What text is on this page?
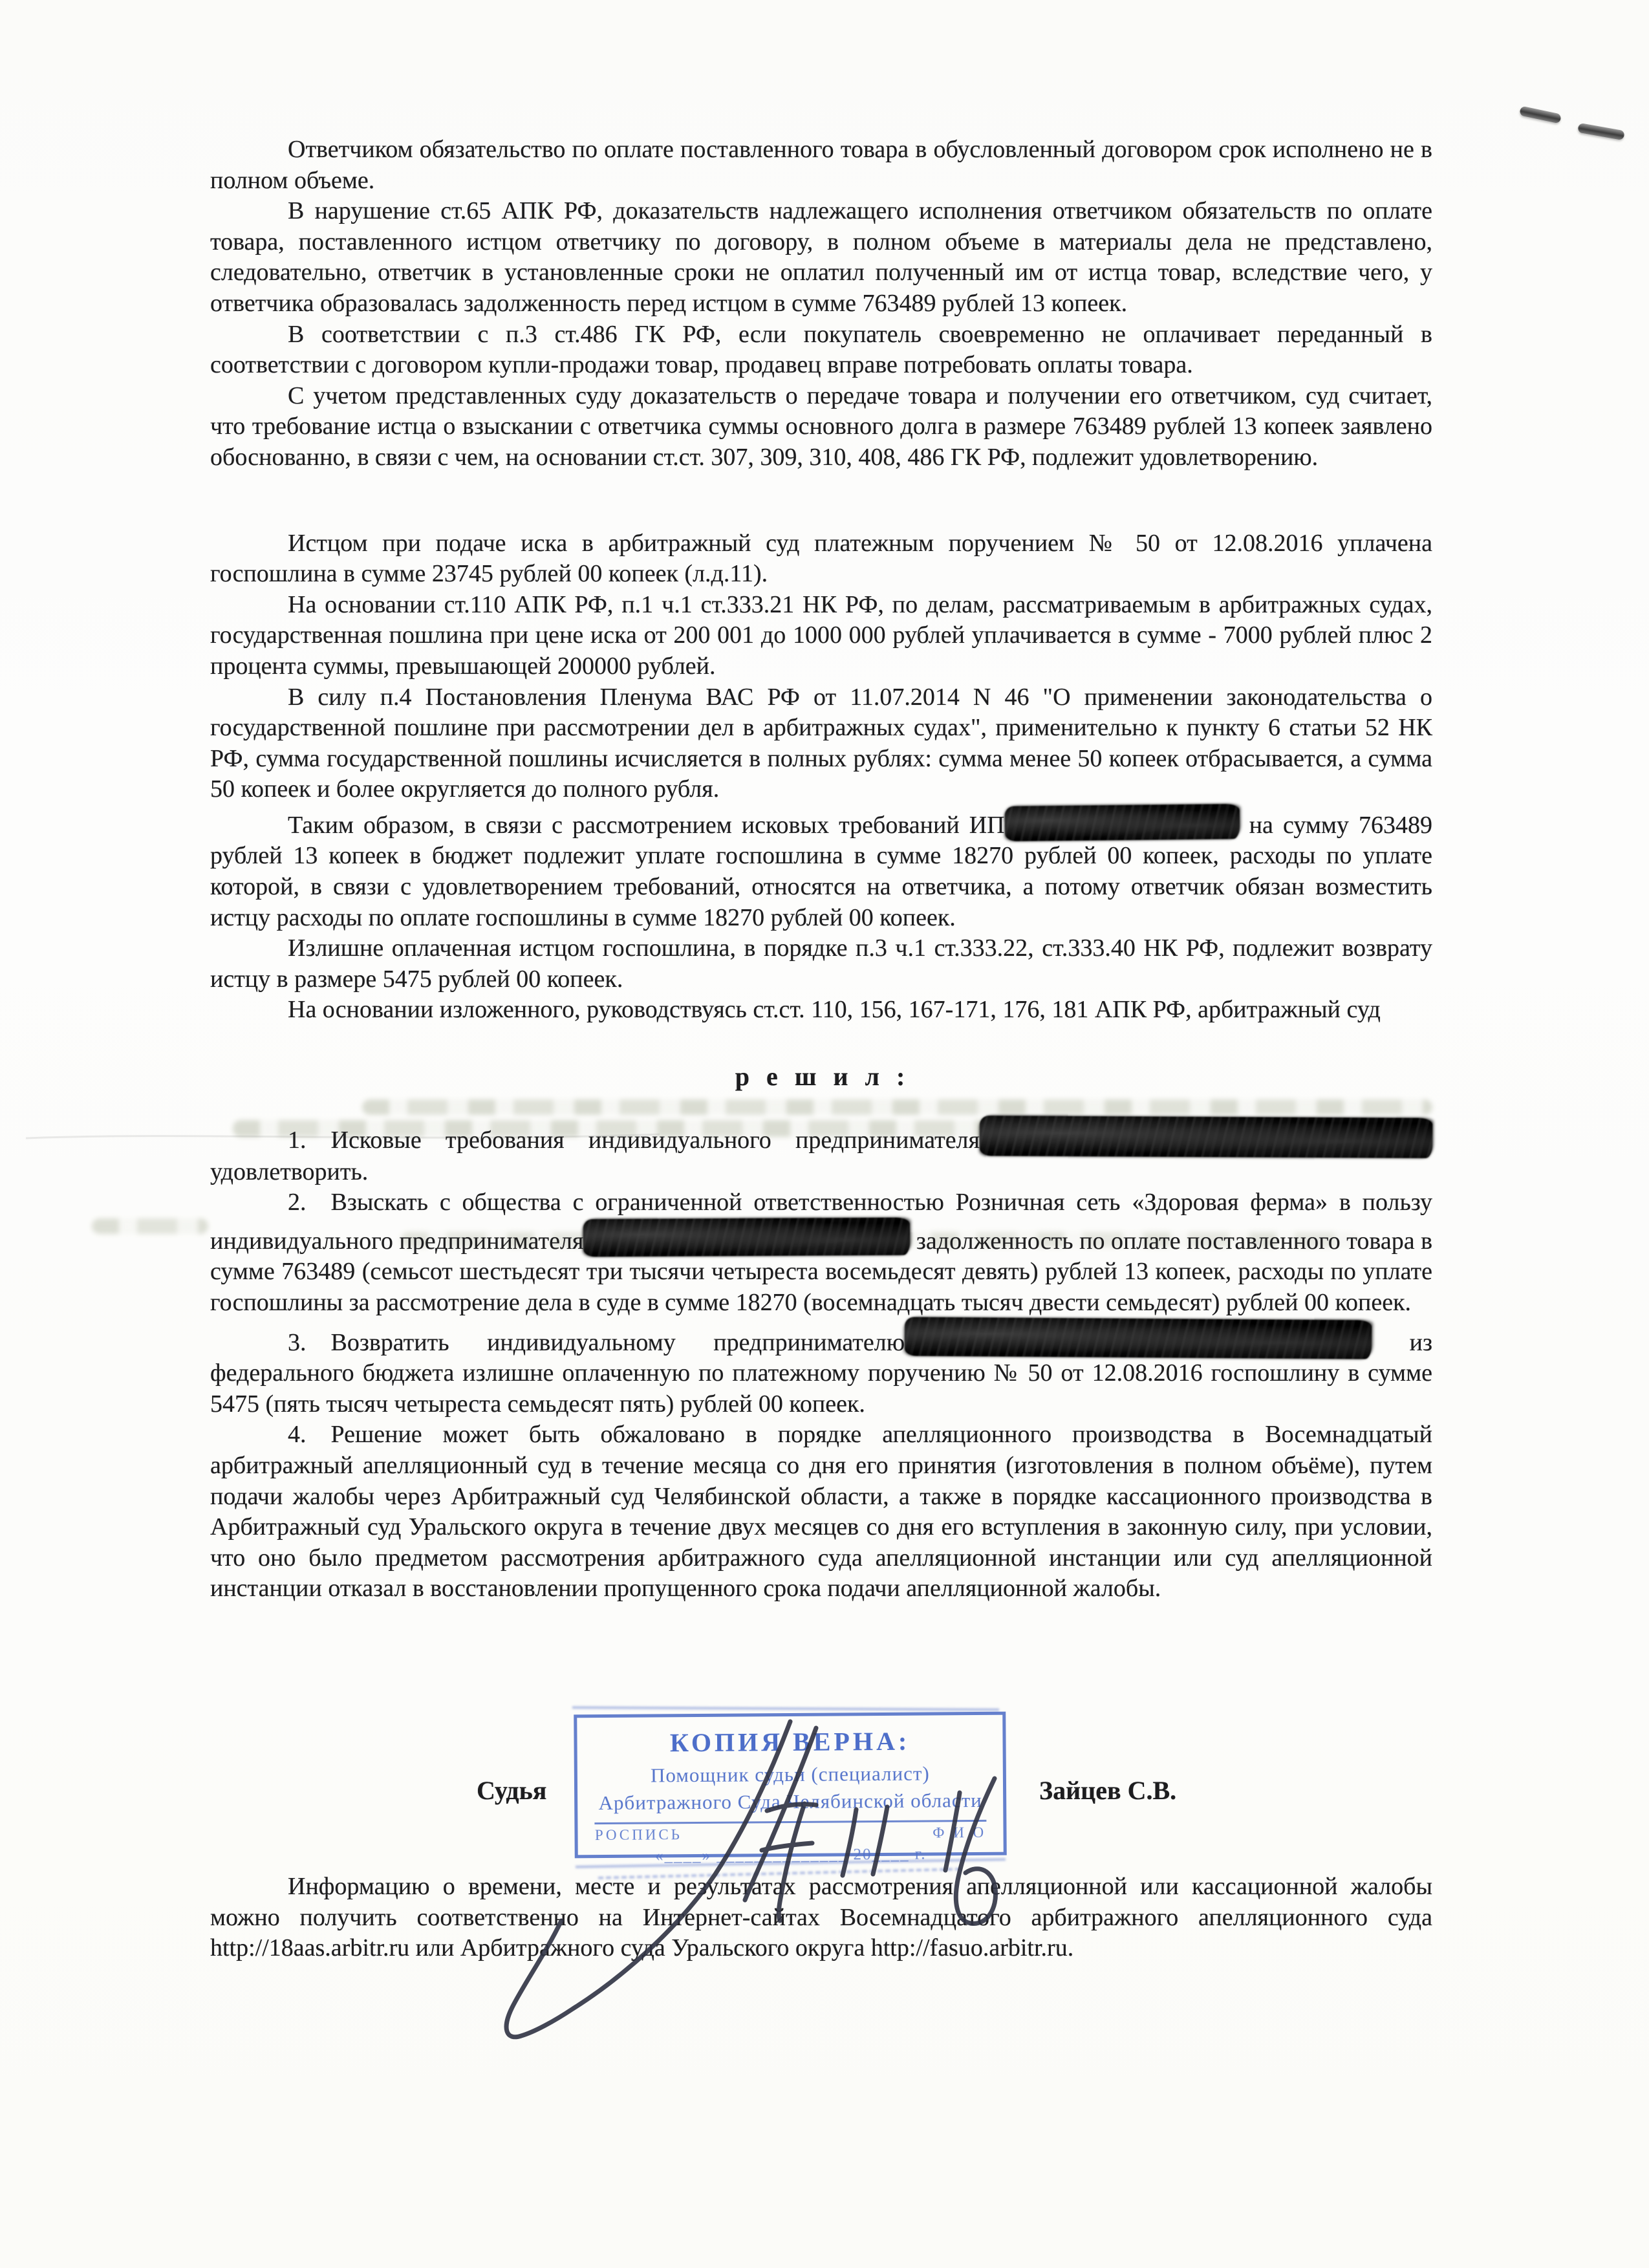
Ответчиком обязательство по оплате поставленного товара в обусловленный договором срок исполнено не в полном объеме.

В нарушение ст.65 АПК РФ, доказательств надлежащего исполнения ответчиком обязательств по оплате товара, поставленного истцом ответчику по договору, в полном объеме в материалы дела не представлено, следовательно, ответчик в установленные сроки не оплатил полученный им от истца товар, вследствие чего, у ответчика образовалась задолженность перед истцом в сумме 763489 рублей 13 копеек.

В соответствии с п.3 ст.486 ГК РФ, если покупатель своевременно не оплачивает переданный в соответствии с договором купли-продажи товар, продавец вправе потребовать оплаты товара.

С учетом представленных суду доказательств о передаче товара и получении его ответчиком, суд считает, что требование истца о взыскании с ответчика суммы основного долга в размере 763489 рублей 13 копеек заявлено обоснованно, в связи с чем, на основании ст.ст. 307, 309, 310, 408, 486 ГК РФ, подлежит удовлетворению.

Истцом при подаче иска в арбитражный суд платежным поручением № 50 от 12.08.2016 уплачена госпошлина в сумме 23745 рублей 00 копеек (л.д.11).

На основании ст.110 АПК РФ, п.1 ч.1 ст.333.21 НК РФ, по делам, рассматриваемым в арбитражных судах, государственная пошлина при цене иска от 200 001 до 1000 000 рублей уплачивается в сумме - 7000 рублей плюс 2 процента суммы, превышающей 200000 рублей.

В силу п.4 Постановления Пленума ВАС РФ от 11.07.2014 N 46 "О применении законодательства о государственной пошлине при рассмотрении дел в арбитражных судах", применительно к пункту 6 статьи 52 НК РФ, сумма государственной пошлины исчисляется в полных рублях: сумма менее 50 копеек отбрасывается, а сумма 50 копеек и более округляется до полного рубля.

Таким образом, в связи с рассмотрением исковых требований ИП	на сумму 763489 рублей 13 копеек в бюджет подлежит уплате госпошлина в сумме 18270 рублей 00 копеек, расходы по уплате которой, в связи с удовлетворением требований, относятся на ответчика, а потому ответчик обязан возместить истцу расходы по оплате госпошлины в сумме 18270 рублей 00 копеек.

Излишне оплаченная истцом госпошлина, в порядке п.3 ч.1 ст.333.22, ст.333.40 НК РФ, подлежит возврату истцу в размере 5475 рублей 00 копеек.

На основании изложенного, руководствуясь ст.ст. 110, 156, 167-171, 176, 181 АПК РФ, арбитражный суд

р е ш и л :

1. Исковые требования индивидуального предпринимателя удовлетворить.

2. Взыскать с общества с ограниченной ответственностью Розничная сеть «Здоровая ферма» в пользу индивидуального предпринимателя	задолженность по оплате поставленного товара в сумме 763489 (семьсот шестьдесят три тысячи четыреста восемьдесят девять) рублей 13 копеек, расходы по уплате госпошлины за рассмотрение дела в суде в сумме 18270 (восемнадцать тысяч двести семьдесят) рублей 00 копеек.

3. Возвратить индивидуальному предпринимателю	из федерального бюджета излишне оплаченную по платежному поручению № 50 от 12.08.2016 госпошлину в сумме 5475 (пять тысяч четыреста семьдесят пять) рублей 00 копеек.

4. Решение может быть обжаловано в порядке апелляционного производства в Восемнадцатый арбитражный апелляционный суд в течение месяца со дня его принятия (изготовления в полном объёме), путем подачи жалобы через Арбитражный суд Челябинской области, а также в порядке кассационного производства в Арбитражный суд Уральского округа в течение двух месяцев со дня его вступления в законную силу, при условии, что оно было предметом рассмотрения арбитражного суда апелляционной инстанции или суд апелляционной инстанции отказал в восстановлении пропущенного срока подачи апелляционной жалобы.

Судья
КОПИЯ ВЕРНА:
Помощник судьи (специалист)
Арбитражного Суда Челябинской области
РОСПИСЬ	Ф И О
«____» ______________ 20____ г.
Зайцев С.В.

Информацию о времени, месте и результатах рассмотрения апелляционной или кассационной жалобы можно получить соответственно на Интернет-сайтах Восемнадцатого арбитражного апелляционного суда http://18aas.arbitr.ru или Арбитражного суда Уральского округа http://fasuo.arbitr.ru.
